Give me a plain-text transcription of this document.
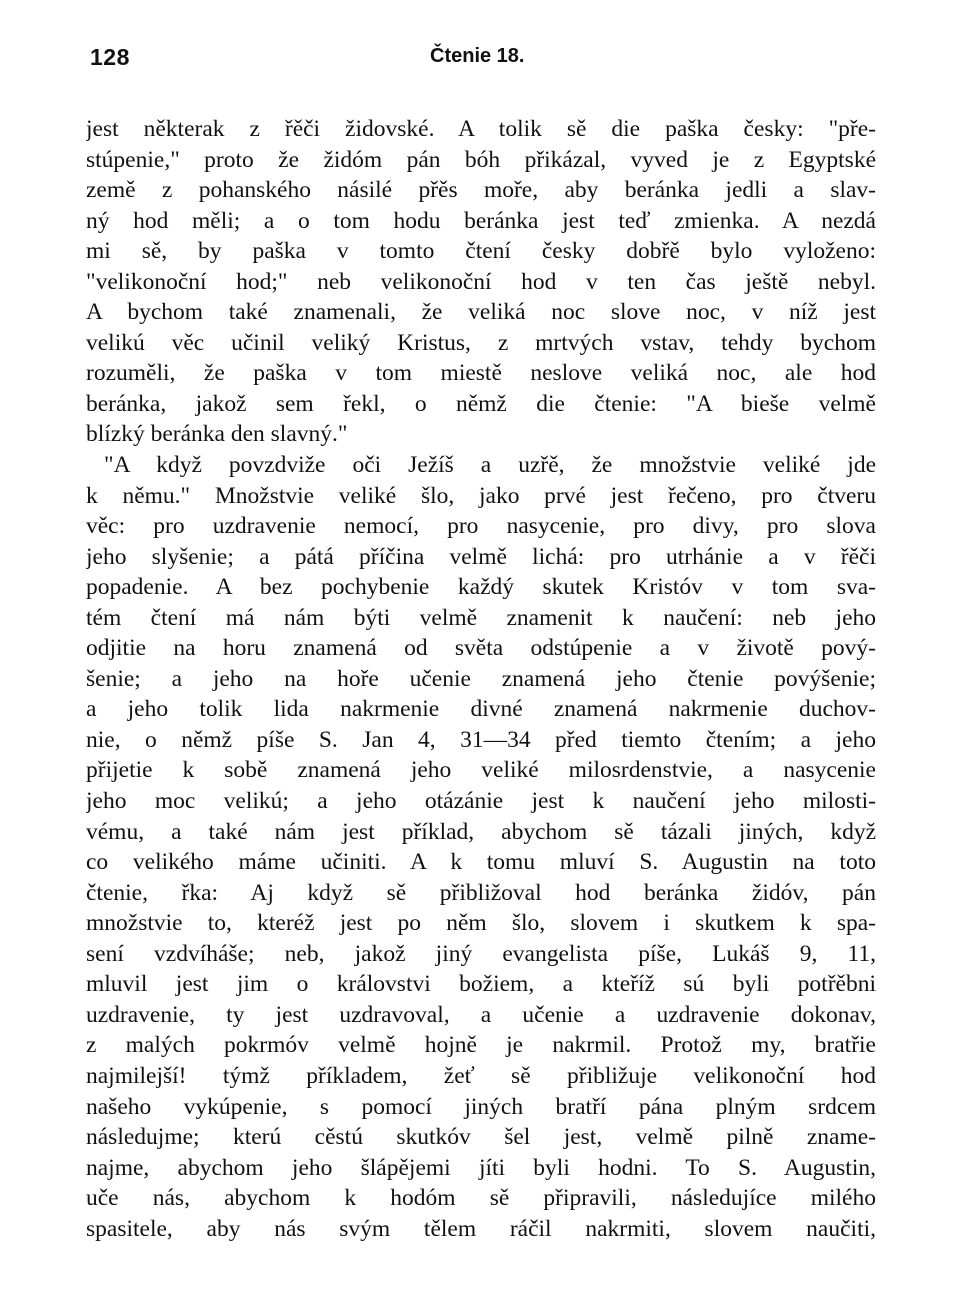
128	Čtenie 18.
jest některak z řěči židovské. A tolik sě die paška česky: "pře-
stúpenie," proto že židóm pán bóh přikázal, vyved je z Egyptské
země z pohanského násilé přěs mořе, aby beránka jedli a slav-
ný hod měli; a o tom hodu beránka jest teď zmienka. A nezdá
mi sě, by paška v tomto čtení česky dobřě bylo vyloženo:
"velikonoční hod;" neb velikonoční hod v ten čas ještě nebyl.
A bychom také znamenali, že veliká noc slove noc, v níž jest
velikú věc učinil veliký Kristus, z mrtvých vstav, tehdy bychom
rozuměli, že paška v tom miestě neslove veliká noc, ale hod
beránka, jakož sem řekl, o němž die čtenie: "A bieše velmě
blízký beránka den slavný."
"A když povzdviže oči Ježíš a uzřě, že množstvie veliké jde
k němu." Množstvie veliké šlo, jako prvé jest řečeno, pro čtveru
věc: pro uzdravenie nemocí, pro nasycenie, pro divy, pro slova
jeho slyšenie; a pátá příčina velmě lichá: pro utrhánie a v řěči
popadenie. A bez pochybenie každý skutek Kristóv v tom sva-
tém čtení má nám býti velmě znamenit k naučení: neb jeho
odjitie na horu znamená od světa odstúpenie a v životě pový-
šenie; a jeho na hoře učenie znamená jeho čtenie povýšenie;
a jeho tolik lida nakrmenie divné znamená nakrmenie duchov-
nie, o němž píše S. Jan 4, 31—34 před tiemto čtením; a jeho
přijetie k sobě znamená jeho veliké milosrdenstvie, a nasycenie
jeho moc velikú; a jeho otázánie jest k naučení jeho milosti-
vému, a také nám jest příklad, abychom sě tázali jiných, když
co velikého máme učiniti. A k tomu mluví S. Augustin na toto
čtenie, řka: Aj když sě přibližoval hod beránka židóv, pán
množstvie to, kteréž jest po něm šlo, slovem i skutkem k spa-
sení vzdvíháše; neb, jakož jiný evangelista píše, Lukáš 9, 11,
mluvil jest jim o královstvi božiem, a kteříž sú byli potřěbni
uzdravenie, ty jest uzdravoval, a učenie a uzdravenie dokonav,
z malých pokrmóv velmě hojně je nakrmil. Protož my, bratřie
najmilejší! týmž příkladem, žeť sě přibližuje velikonoční hod
našeho vykúpenie, s pomocí jiných bratří pána plným srdcem
následujme; kterú cěstú skutkóv šel jest, velmě pilně zname-
najme, abychom jeho šlápějemi jíti byli hodni. To S. Augustin,
uče nás, abychom k hodóm sě připravili, následujíce milého
spasitele, aby nás svým tělem ráčil nakrmiti, slovem naučiti,
